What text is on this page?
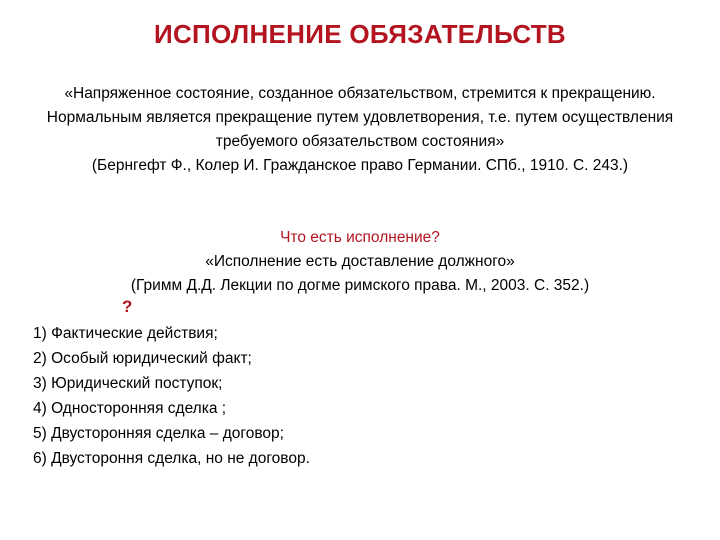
ИСПОЛНЕНИЕ ОБЯЗАТЕЛЬСТВ

«Напряженное состояние, созданное обязательством, стремится к прекращению. Нормальным является прекращение путем удовлетворения, т.е. путем осуществления требуемого обязательством состояния»

(Бернгефт Ф., Колер И. Гражданское право Германии. СПб., 1910. С. 243.)

Что есть исполнение?
«Исполнение есть доставление должного»
(Гримм Д.Д. Лекции по догме римского права. М., 2003. С. 352.)
?
1) Фактические действия;
2) Особый юридический факт;
3) Юридический поступок;
4) Односторонняя сделка ;
5) Двусторонняя сделка – договор;
6) Двустороння сделка, но не договор.
